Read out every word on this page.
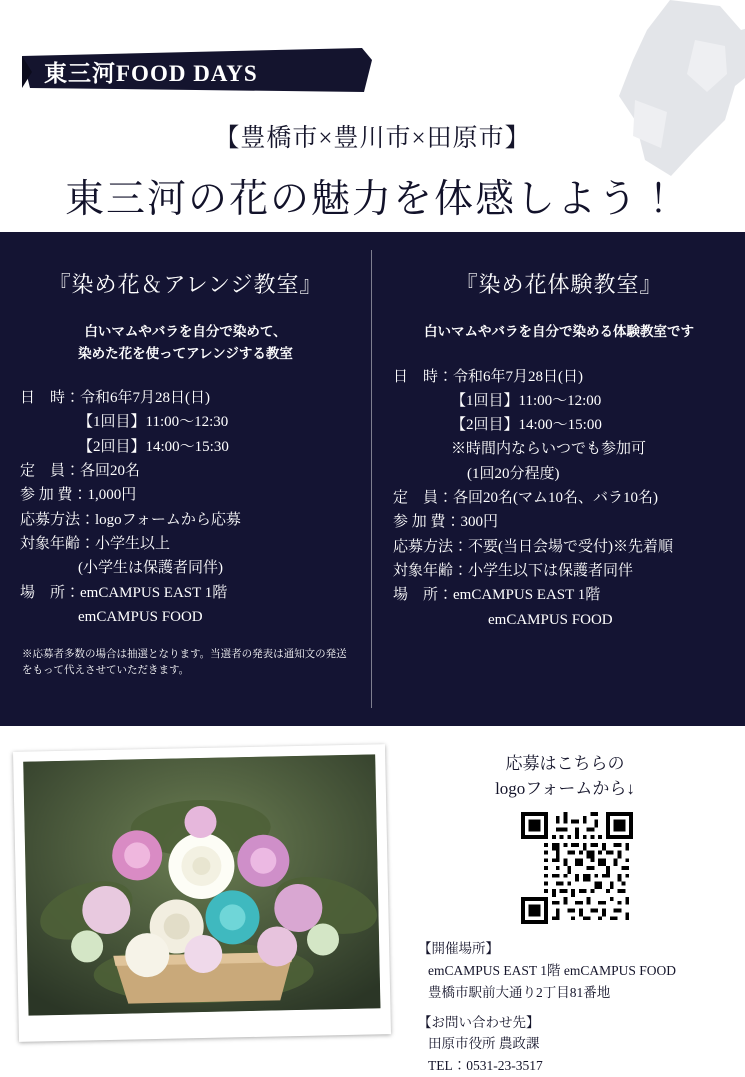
東三河FOOD DAYS
【豊橋市×豊川市×田原市】
東三河の花の魅力を体感しよう！
『染め花＆アレンジ教室』
白いマムやバラを自分で染めて、
染めた花を使ってアレンジする教室
日　時：令和6年7月28日(日)
【1回目】11:00〜12:30
【2回目】14:00〜15:30
定　員：各回20名
参 加 費：1,000円
応募方法：logoフォームから応募
対象年齢：小学生以上
(小学生は保護者同伴)
場　所：emCAMPUS EAST 1階
emCAMPUS FOOD
※応募者多数の場合は抽選となります。当選者の発表は通知文の発送をもって代えさせていただきます。
『染め花体験教室』
白いマムやバラを自分で染める体験教室です
日　時：令和6年7月28日(日)
【1回目】11:00〜12:00
【2回目】14:00〜15:00
※時間内ならいつでも参加可
(1回20分程度)
定　員：各回20名(マム10名、バラ10名)
参 加 費：300円
応募方法：不要(当日会場で受付)※先着順
対象年齢：小学生以下は保護者同伴
場　所：emCAMPUS EAST 1階
emCAMPUS FOOD
応募はこちらの
logoフォームから↓
【開催場所】
emCAMPUS EAST 1階 emCAMPUS FOOD
豊橋市駅前大通り2丁目81番地
【お問い合わせ先】
田原市役所 農政課
TEL：0531-23-3517
